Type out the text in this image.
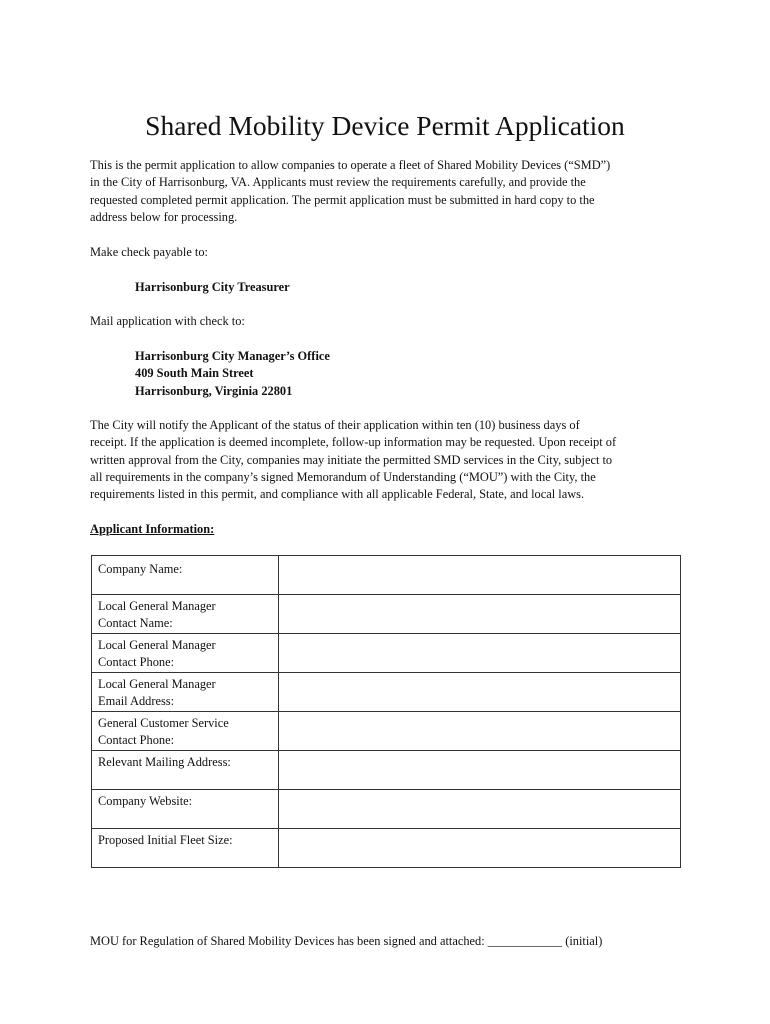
Shared Mobility Device Permit Application

This is the permit application to allow companies to operate a fleet of Shared Mobility Devices (“SMD”)
in the City of Harrisonburg, VA. Applicants must review the requirements carefully, and provide the
requested completed permit application. The permit application must be submitted in hard copy to the
address below for processing.

Make check payable to:

Harrisonburg City Treasurer

Mail application with check to:

Harrisonburg City Manager’s Office
409 South Main Street
Harrisonburg, Virginia 22801

The City will notify the Applicant of the status of their application within ten (10) business days of
receipt. If the application is deemed incomplete, follow-up information may be requested. Upon receipt of
written approval from the City, companies may initiate the permitted SMD services in the City, subject to
all requirements in the company’s signed Memorandum of Understanding (“MOU”) with the City, the
requirements listed in this permit, and compliance with all applicable Federal, State, and local laws.

Applicant Information:

Company Name:	

Local General Manager
Contact Name:	

Local General Manager
Contact Phone:	

Local General Manager
Email Address:	

General Customer Service
Contact Phone:	

Relevant Mailing Address:	

Company Website:	

Proposed Initial Fleet Size:	

MOU for Regulation of Shared Mobility Devices has been signed and attached: ____________ (initial)
